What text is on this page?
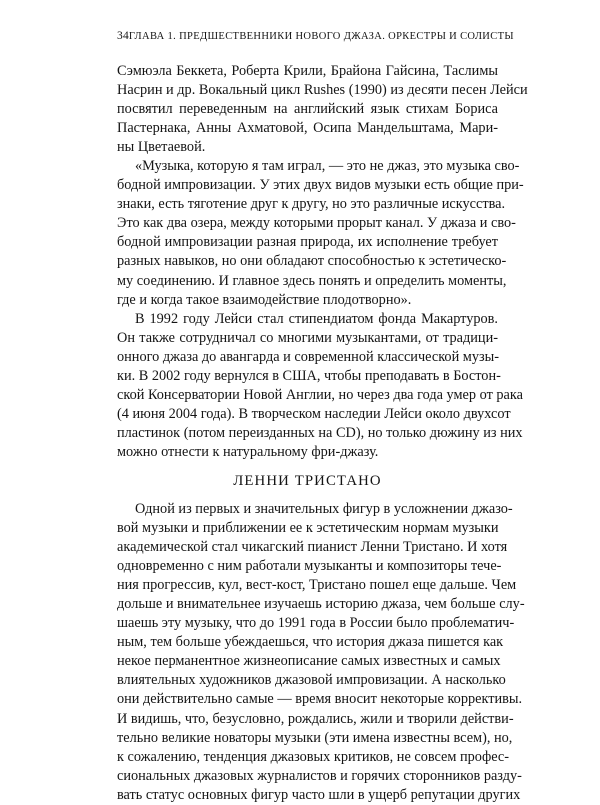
34 ГЛАВА 1. ПРЕДШЕСТВЕННИКИ НОВОГО ДЖАЗА. ОРКЕСТРЫ И СОЛИСТЫ
Сэмюэла Беккета, Роберта Крили, Брайона Гайсина, Таслимы
Насрин и др. Вокальный цикл Rushes (1990) из десяти песен Лейси
посвятил переведенным на английский язык стихам Бориса
Пастернака, Анны Ахматовой, Осипа Мандельштама, Мари-
ны Цветаевой.
«Музыка, которую я там играл, — это не джаз, это музыка сво-
бодной импровизации. У этих двух видов музыки есть общие при-
знаки, есть тяготение друг к другу, но это различные искусства.
Это как два озера, между которыми прорыт канал. У джаза и сво-
бодной импровизации разная природа, их исполнение требует
разных навыков, но они обладают способностью к эстетическо-
му соединению. И главное здесь понять и определить моменты,
где и когда такое взаимодействие плодотворно».
В 1992 году Лейси стал стипендиатом фонда Макартуров.
Он также сотрудничал со многими музыкантами, от традици-
онного джаза до авангарда и современной классической музы-
ки. В 2002 году вернулся в США, чтобы преподавать в Бостон-
ской Консерватории Новой Англии, но через два года умер от рака
(4 июня 2004 года). В творческом наследии Лейси около двухсот
пластинок (потом переизданных на CD), но только дюжину из них
можно отнести к натуральному фри-джазу.
ЛЕННИ ТРИСТАНО
Одной из первых и значительных фигур в усложнении джазо-
вой музыки и приближении ее к эстетическим нормам музыки
академической стал чикагский пианист Ленни Тристано. И хотя
одновременно с ним работали музыканты и композиторы тече-
ния прогрессив, кул, вест-кост, Тристано пошел еще дальше. Чем
дольше и внимательнее изучаешь историю джаза, чем больше слу-
шаешь эту музыку, что до 1991 года в России было проблематич-
ным, тем больше убеждаешься, что история джаза пишется как
некое перманентное жизнеописание самых известных и самых
влиятельных художников джазовой импровизации. А насколько
они действительно самые — время вносит некоторые коррективы.
И видишь, что, безусловно, рождались, жили и творили действи-
тельно великие новаторы музыки (эти имена известны всем), но,
к сожалению, тенденция джазовых критиков, не совсем профес-
сиональных джазовых журналистов и горячих сторонников разду-
вать статус основных фигур часто шли в ущерб репутации других
